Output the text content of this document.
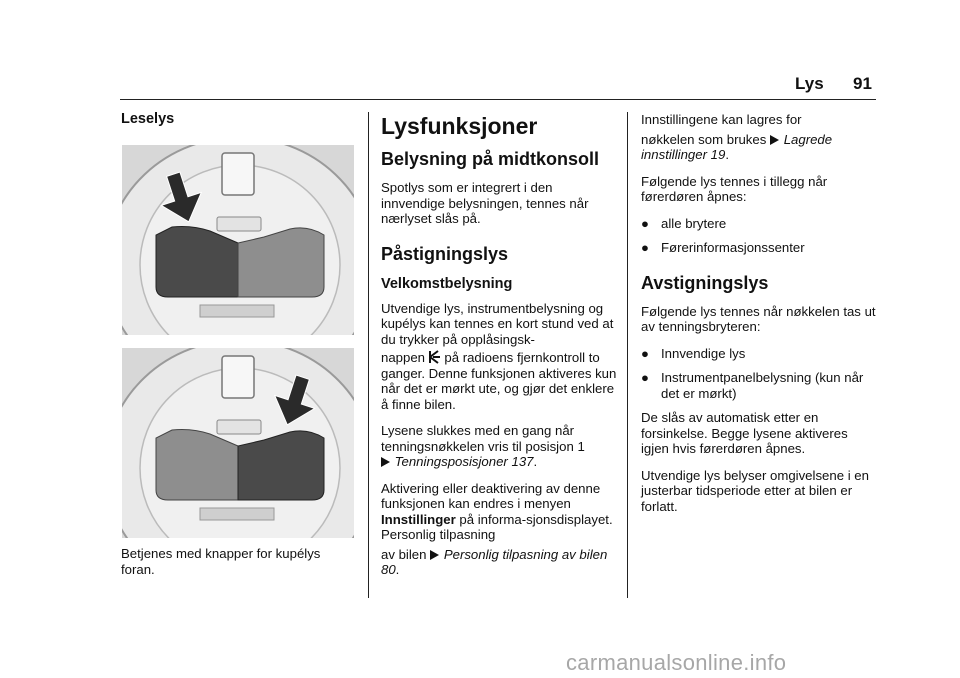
Lys 91
Leselys

Betjenes med knapper for kupélys foran.

Lysfunksjoner
Belysning på midtkonsoll

Spotlys som er integrert i den innvendige belysningen, tennes når nærlyset slås på.

Påstigningslys
Velkomstbelysning

Utvendige lys, instrumentbelysning og kupélys kan tennes en kort stund ved at du trykker på opplåsingsk-

nappen på radioens fjernkontroll to ganger. Denne funksjonen aktiveres kun når det er mørkt ute, og gjør det enklere å finne bilen.

Lysene slukkes med en gang når tenningsnøkkelen vris til posisjon 1
Tenningsposisjoner 137.

Aktivering eller deaktivering av denne funksjonen kan endres i menyen Innstillinger på informa-sjonsdisplayet. Personlig tilpasning

av bilen Personlig tilpasning av bilen 80.

Innstillingene kan lagres for

nøkkelen som brukes Lagrede innstillinger 19.

Følgende lys tennes i tillegg når førerdøren åpnes:

● alle brytere
● Førerinformasjonssenter
Avstigningslys

Følgende lys tennes når nøkkelen tas ut av tenningsbryteren:

● Innvendige lys
● Instrumentpanelbelysning (kun når det er mørkt)

De slås av automatisk etter en forsinkelse. Begge lysene aktiveres igjen hvis førerdøren åpnes.

Utvendige lys belyser omgivelsene i en justerbar tidsperiode etter at bilen er forlatt.

carmanualsonline.info
